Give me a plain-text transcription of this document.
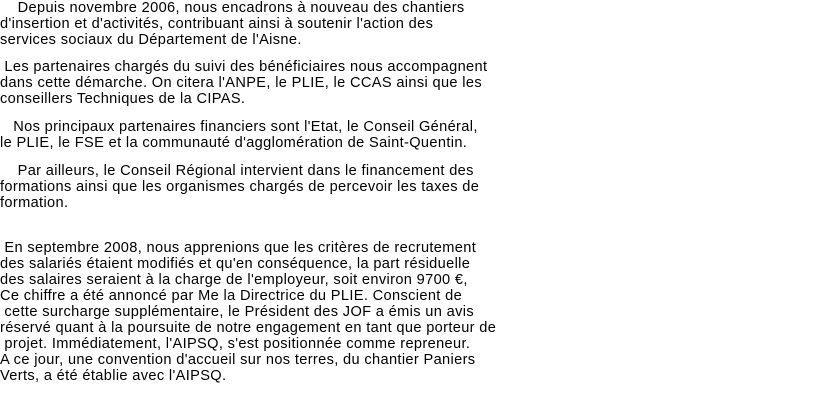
Depuis novembre 2006, nous encadrons à nouveau des chantiers

d'insertion et d'activités, contribuant ainsi à soutenir l'action des

services sociaux du Département de l'Aisne.

Les partenaires chargés du suivi des bénéficiaires nous accompagnent

dans cette démarche. On citera l'ANPE, le PLIE, le CCAS ainsi que les

conseillers Techniques de la CIPAS.

Nos principaux partenaires financiers sont l'Etat, le Conseil Général,

le PLIE, le FSE et la communauté d'agglomération de Saint-Quentin.

Par ailleurs, le Conseil Régional intervient dans le financement des

formations ainsi que les organismes chargés de percevoir les taxes de

formation.

En septembre 2008, nous apprenions que les critères de recrutement

des salariés étaient modifiés et qu'en conséquence, la part résiduelle

des salaires seraient à la charge de l'employeur, soit environ 9700 €,

Ce chiffre a été annoncé par Me la Directrice du PLIE. Conscient de

cette surcharge supplémentaire, le Président des JOF a émis un avis

réservé quant à la poursuite de notre engagement en tant que porteur de

projet. Immédiatement, l'AIPSQ, s'est positionnée comme repreneur.

A ce jour, une convention d'accueil sur nos terres, du chantier Paniers

Verts, a été établie avec l'AIPSQ.
